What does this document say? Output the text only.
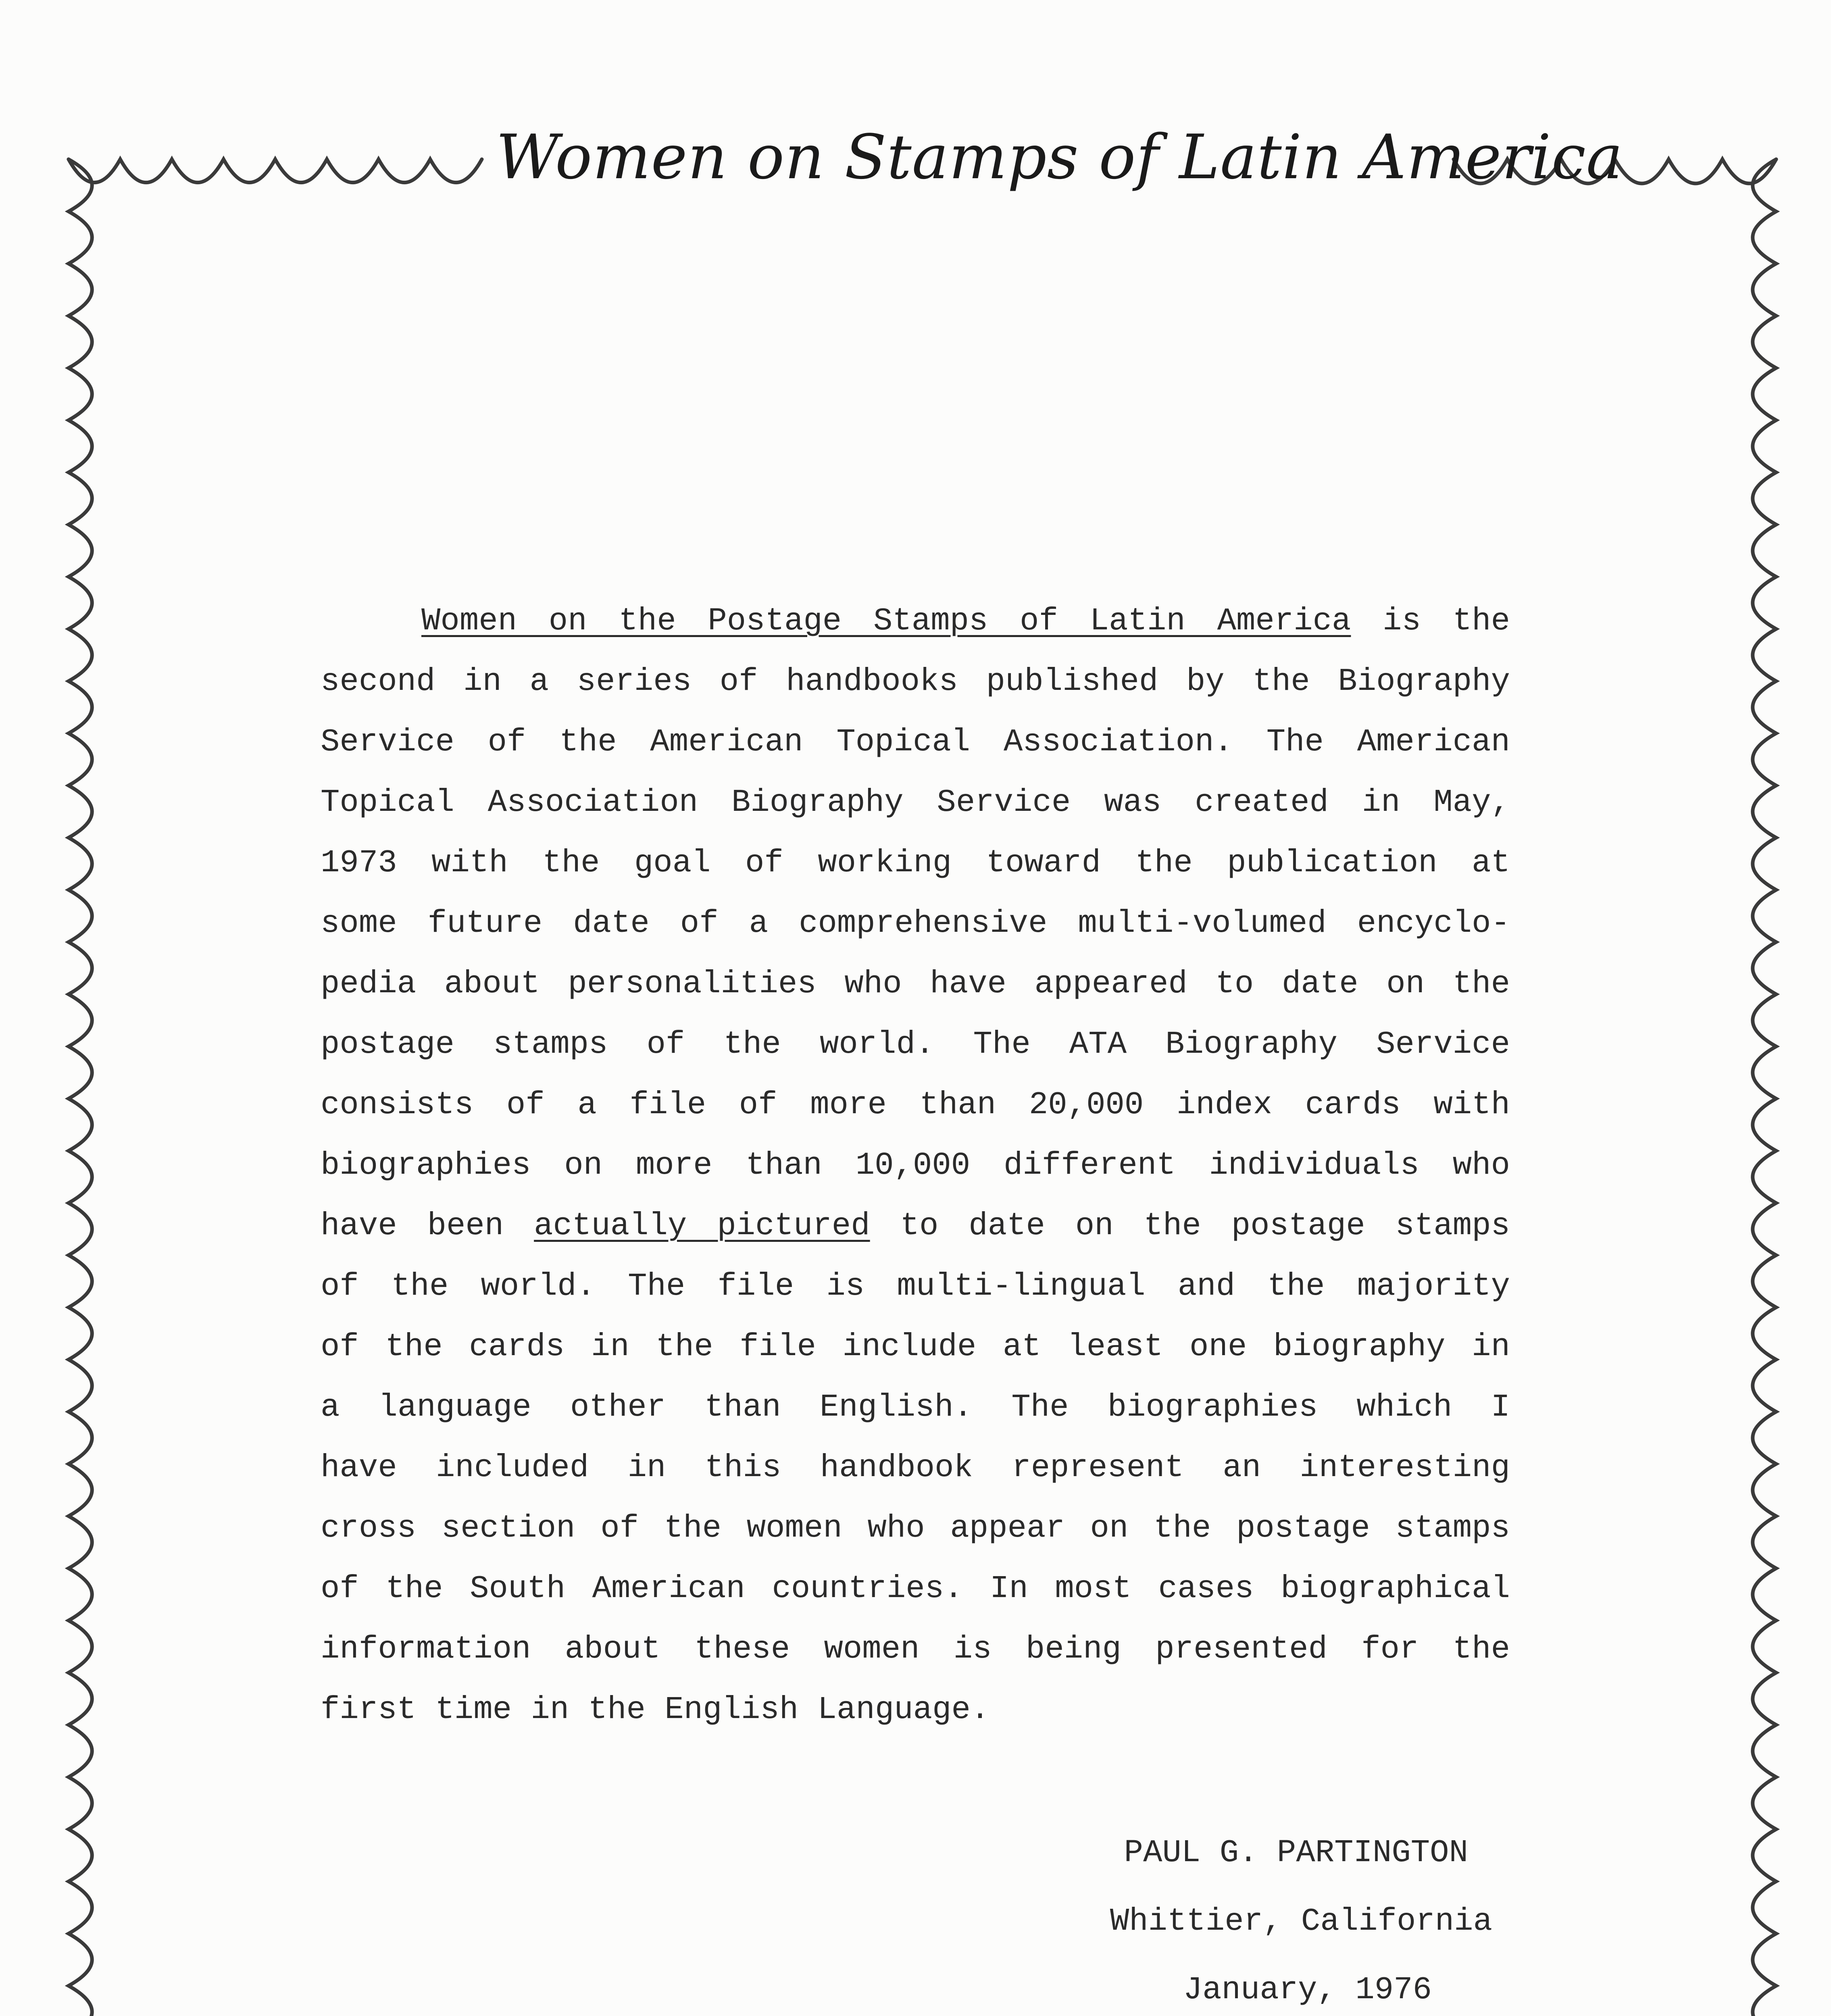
Women on Stamps of Latin America
Women on the Postage Stamps of Latin America is the
second in a series of handbooks published by the Biography
Service of the American Topical Association. The American
Topical Association Biography Service was created in May,
1973 with the goal of working toward the publication at
some future date of a comprehensive multi-volumed encyclo-
pedia about personalities who have appeared to date on the
postage stamps of the world. The ATA Biography Service
consists of a file of more than 20,000 index cards with
biographies on more than 10,000 different individuals who
have been actually pictured to date on the postage stamps
of the world. The file is multi-lingual and the majority
of the cards in the file include at least one biography in
a language other than English. The biographies which I
have included in this handbook represent an interesting
cross section of the women who appear on the postage stamps
of the South American countries. In most cases biographical
information about these women is being presented for the
first time in the English Language.
PAUL G. PARTINGTON
Whittier, California
January, 1976
